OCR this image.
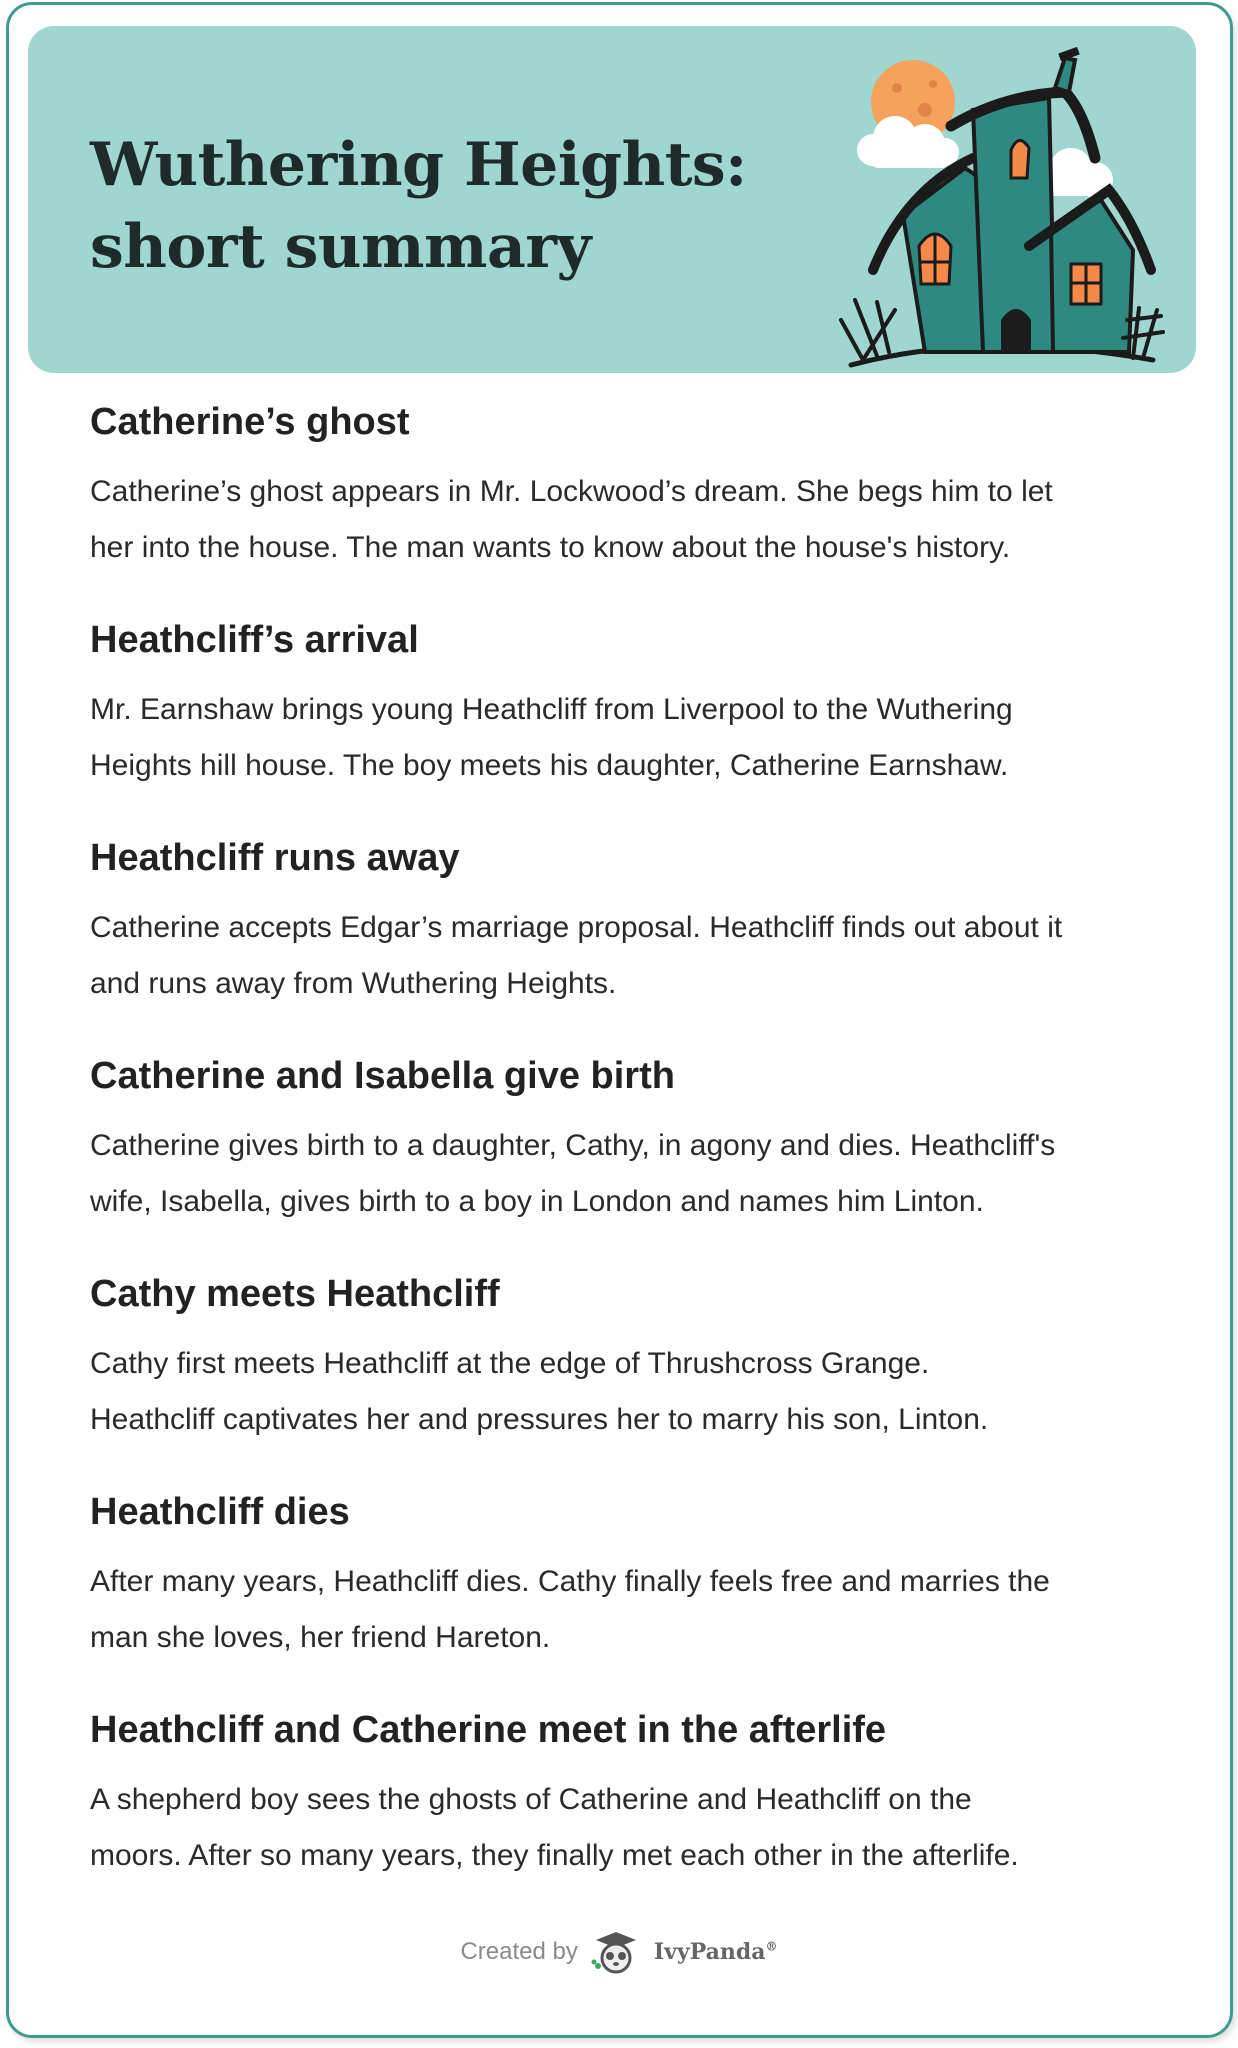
Wuthering Heights:
short summary
Catherine’s ghost

Catherine’s ghost appears in Mr. Lockwood’s dream. She begs him to let
her into the house. The man wants to know about the house's history.

Heathcliff’s arrival

Mr. Earnshaw brings young Heathcliff from Liverpool to the Wuthering
Heights hill house. The boy meets his daughter, Catherine Earnshaw.

Heathcliff runs away

Catherine accepts Edgar’s marriage proposal. Heathcliff finds out about it
and runs away from Wuthering Heights.

Catherine and Isabella give birth

Catherine gives birth to a daughter, Cathy, in agony and dies. Heathcliff's
wife, Isabella, gives birth to a boy in London and names him Linton.

Cathy meets Heathcliff

Cathy first meets Heathcliff at the edge of Thrushcross Grange.
Heathcliff captivates her and pressures her to marry his son, Linton.

Heathcliff dies

After many years, Heathcliff dies. Cathy finally feels free and marries the
man she loves, her friend Hareton.

Heathcliff and Catherine meet in the afterlife

A shepherd boy sees the ghosts of Catherine and Heathcliff on the
moors. After so many years, they finally met each other in the afterlife.

Created by	IvyPanda®
